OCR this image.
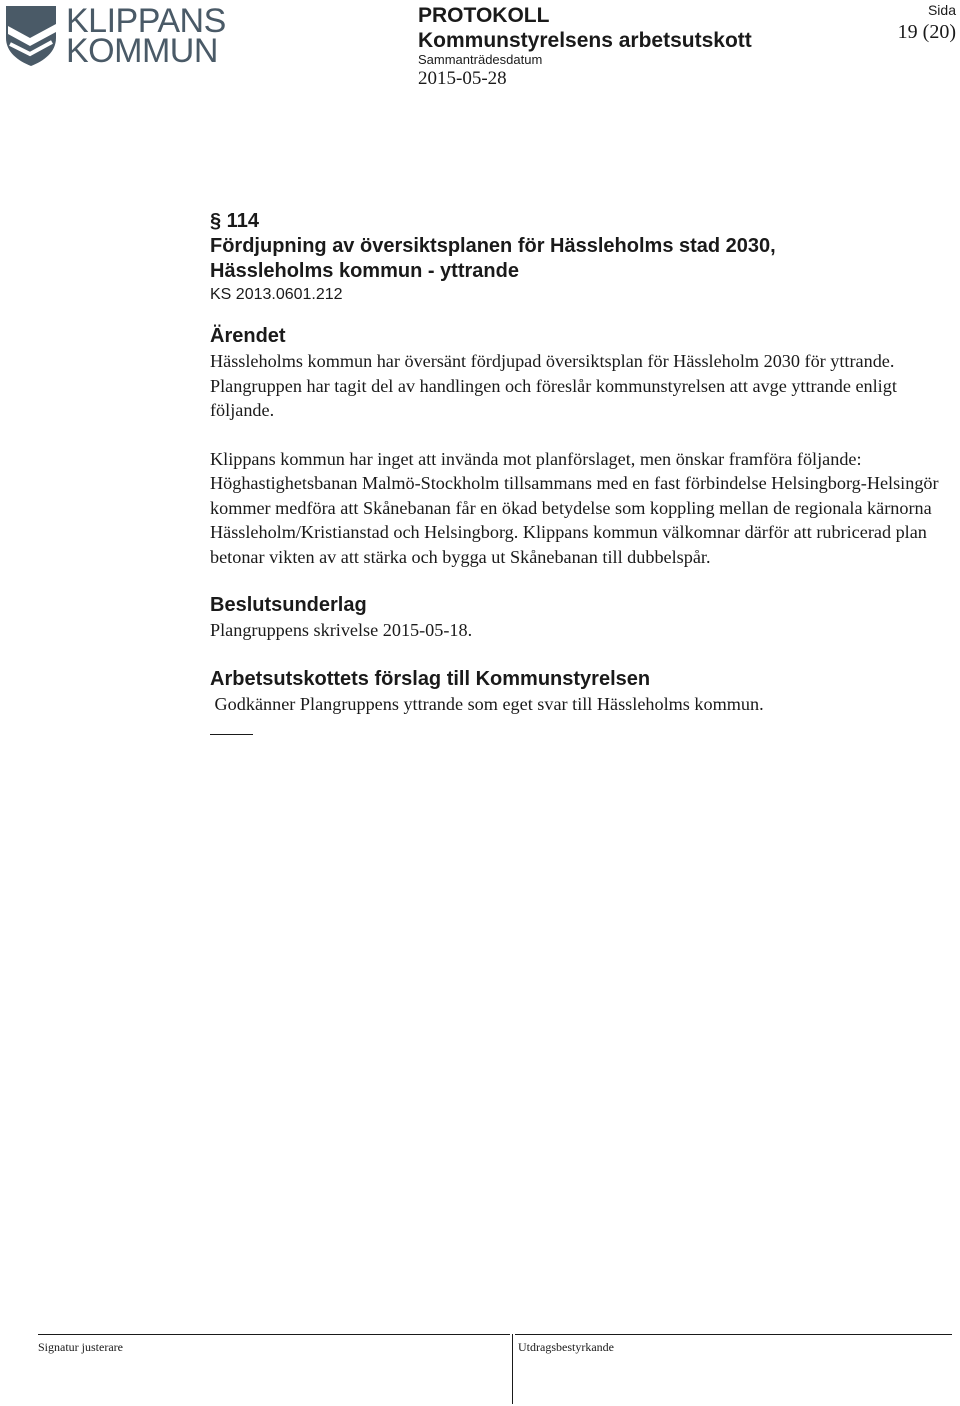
KLIPPANS
KOMMUN
PROTOKOLL
Kommunstyrelsens arbetsutskott
Sammanträdesdatum
2015-05-28
Sida
19 (20)
§ 114
Fördjupning av översiktsplanen för Hässleholms stad 2030,
Hässleholms kommun - yttrande
KS 2013.0601.212
Ärendet

Hässleholms kommun har översänt fördjupad översiktsplan för Hässleholm 2030 för yttrande. Plangruppen har tagit del av handlingen och föreslår kommunstyrelsen att avge yttrande enligt följande.

Klippans kommun har inget att invända mot planförslaget, men önskar framföra följande: Höghastighetsbanan Malmö-Stockholm tillsammans med en fast förbindelse Helsingborg-Helsingör kommer medföra att Skånebanan får en ökad betydelse som koppling mellan de regionala kärnorna Hässleholm/Kristianstad och Helsingborg. Klippans kommun välkomnar därför att rubricerad plan betonar vikten av att stärka och bygga ut Skånebanan till dubbelspår.

Beslutsunderlag

Plangruppens skrivelse 2015-05-18.

Arbetsutskottets förslag till Kommunstyrelsen

Godkänner Plangruppens yttrande som eget svar till Hässleholms kommun.

Signatur justerare	Utdragsbestyrkande
